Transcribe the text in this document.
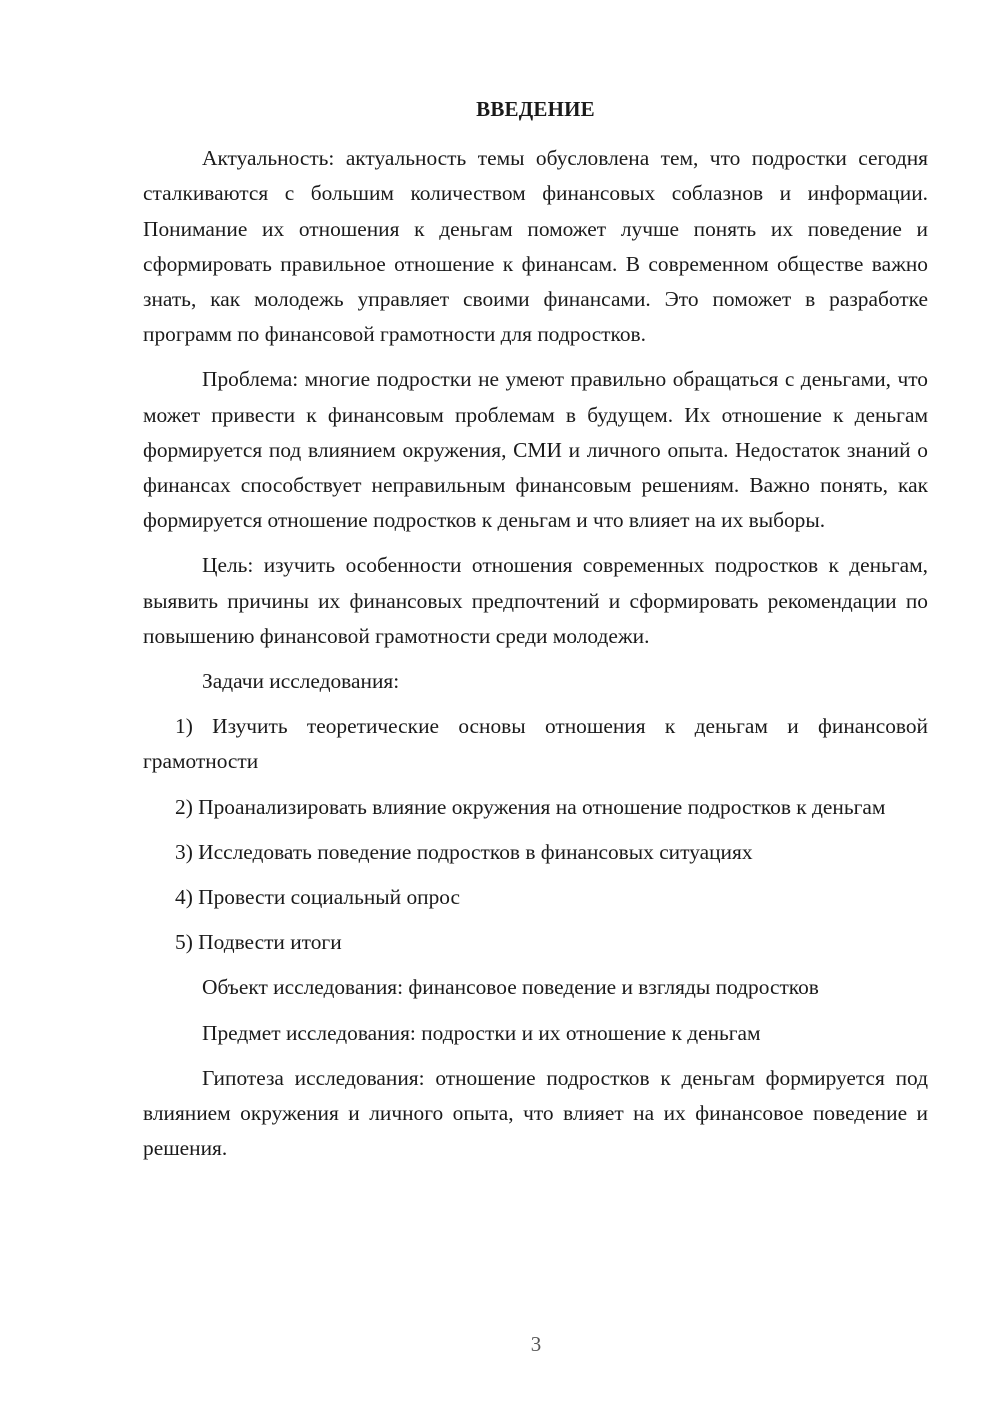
ВВЕДЕНИЕ

Актуальность: актуальность темы обусловлена тем, что подростки сегодня сталкиваются с большим количеством финансовых соблазнов и информации. Понимание их отношения к деньгам поможет лучше понять их поведение и сформировать правильное отношение к финансам. В современном обществе важно знать, как молодежь управляет своими финансами. Это поможет в разработке программ по финансовой грамотности для подростков.

Проблема: многие подростки не умеют правильно обращаться с деньгами, что может привести к финансовым проблемам в будущем. Их отношение к деньгам формируется под влиянием окружения, СМИ и личного опыта. Недостаток знаний о финансах способствует неправильным финансовым решениям. Важно понять, как формируется отношение подростков к деньгам и что влияет на их выборы.

Цель: изучить особенности отношения современных подростков к деньгам, выявить причины их финансовых предпочтений и сформировать рекомендации по повышению финансовой грамотности среди молодежи.

Задачи исследования:

1) Изучить теоретические основы отношения к деньгам и финансовой грамотности

2) Проанализировать влияние окружения на отношение подростков к деньгам

3) Исследовать поведение подростков в финансовых ситуациях

4) Провести социальный опрос

5) Подвести итоги

Объект исследования: финансовое поведение и взгляды подростков

Предмет исследования: подростки и их отношение к деньгам

Гипотеза исследования: отношение подростков к деньгам формируется под влиянием окружения и личного опыта, что влияет на их финансовое поведение и решения.

3
